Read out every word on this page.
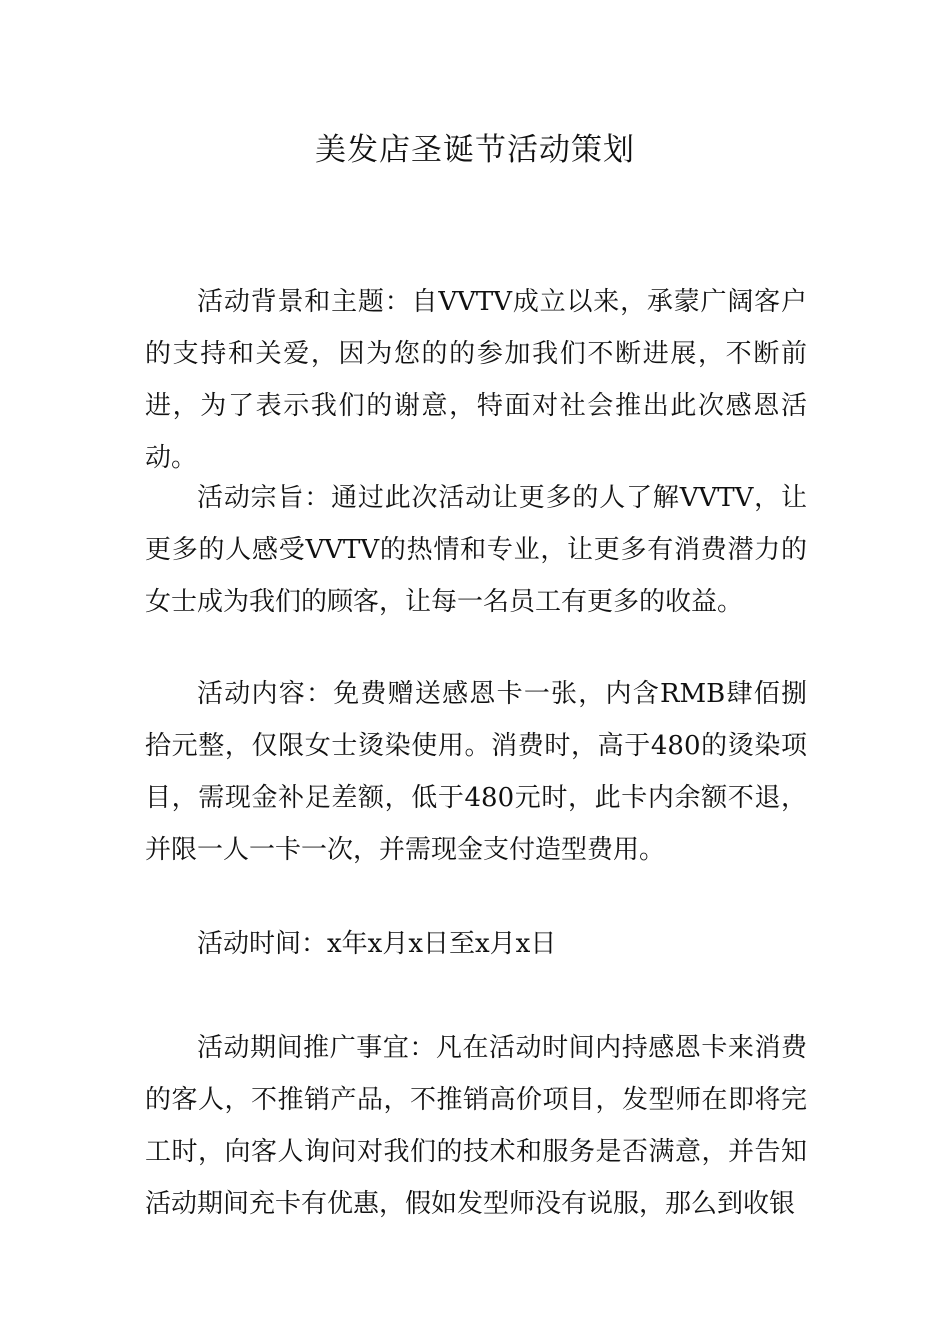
美发店圣诞节活动策划

活动背景和主题：自VVTV成立以来，承蒙广阔客户的支持和关爱，因为您的的参加我们不断进展，不断前进，为了表示我们的谢意，特面对社会推出此次感恩活动。

活动宗旨：通过此次活动让更多的人了解VVTV，让更多的人感受VVTV的热情和专业，让更多有消费潜力的女士成为我们的顾客，让每一名员工有更多的收益。

活动内容：免费赠送感恩卡一张，内含RMB肆佰捌拾元整，仅限女士烫染使用。消费时，高于480的烫染项目，需现金补足差额，低于480元时，此卡内余额不退，并限一人一卡一次，并需现金支付造型费用。

活动时间：x年x月x日至x月x日

活动期间推广事宜：凡在活动时间内持感恩卡来消费的客人，不推销产品，不推销高价项目，发型师在即将完工时，向客人询问对我们的技术和服务是否满意，并告知活动期间充卡有优惠，假如发型师没有说服，那么到收银
